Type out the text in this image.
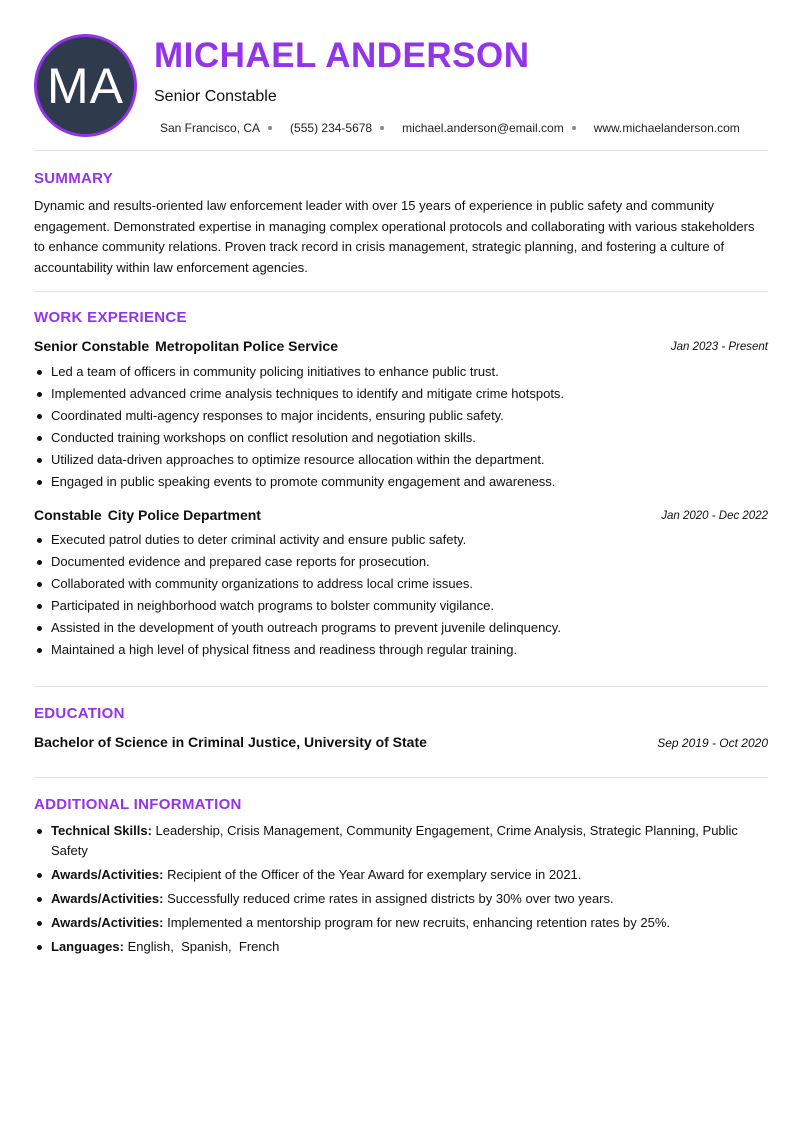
MA
MICHAEL ANDERSON
Senior Constable
San Francisco, CA	(555) 234-5678	michael.anderson@email.com	www.michaelanderson.com
SUMMARY
Dynamic and results-oriented law enforcement leader with over 15 years of experience in public safety and community engagement. Demonstrated expertise in managing complex operational protocols and collaborating with various stakeholders to enhance community relations. Proven track record in crisis management, strategic planning, and fostering a culture of accountability within law enforcement agencies.
WORK EXPERIENCE
Senior Constable Metropolitan Police Service	Jan 2023 - Present
Led a team of officers in community policing initiatives to enhance public trust.
Implemented advanced crime analysis techniques to identify and mitigate crime hotspots.
Coordinated multi-agency responses to major incidents, ensuring public safety.
Conducted training workshops on conflict resolution and negotiation skills.
Utilized data-driven approaches to optimize resource allocation within the department.
Engaged in public speaking events to promote community engagement and awareness.
Constable City Police Department	Jan 2020 - Dec 2022
Executed patrol duties to deter criminal activity and ensure public safety.
Documented evidence and prepared case reports for prosecution.
Collaborated with community organizations to address local crime issues.
Participated in neighborhood watch programs to bolster community vigilance.
Assisted in the development of youth outreach programs to prevent juvenile delinquency.
Maintained a high level of physical fitness and readiness through regular training.
EDUCATION
Bachelor of Science in Criminal Justice, University of State	Sep 2019 - Oct 2020
ADDITIONAL INFORMATION
Technical Skills: Leadership, Crisis Management, Community Engagement, Crime Analysis, Strategic Planning, Public Safety
Awards/Activities: Recipient of the Officer of the Year Award for exemplary service in 2021.
Awards/Activities: Successfully reduced crime rates in assigned districts by 30% over two years.
Awards/Activities: Implemented a mentorship program for new recruits, enhancing retention rates by 25%.
Languages: English,  Spanish,  French
